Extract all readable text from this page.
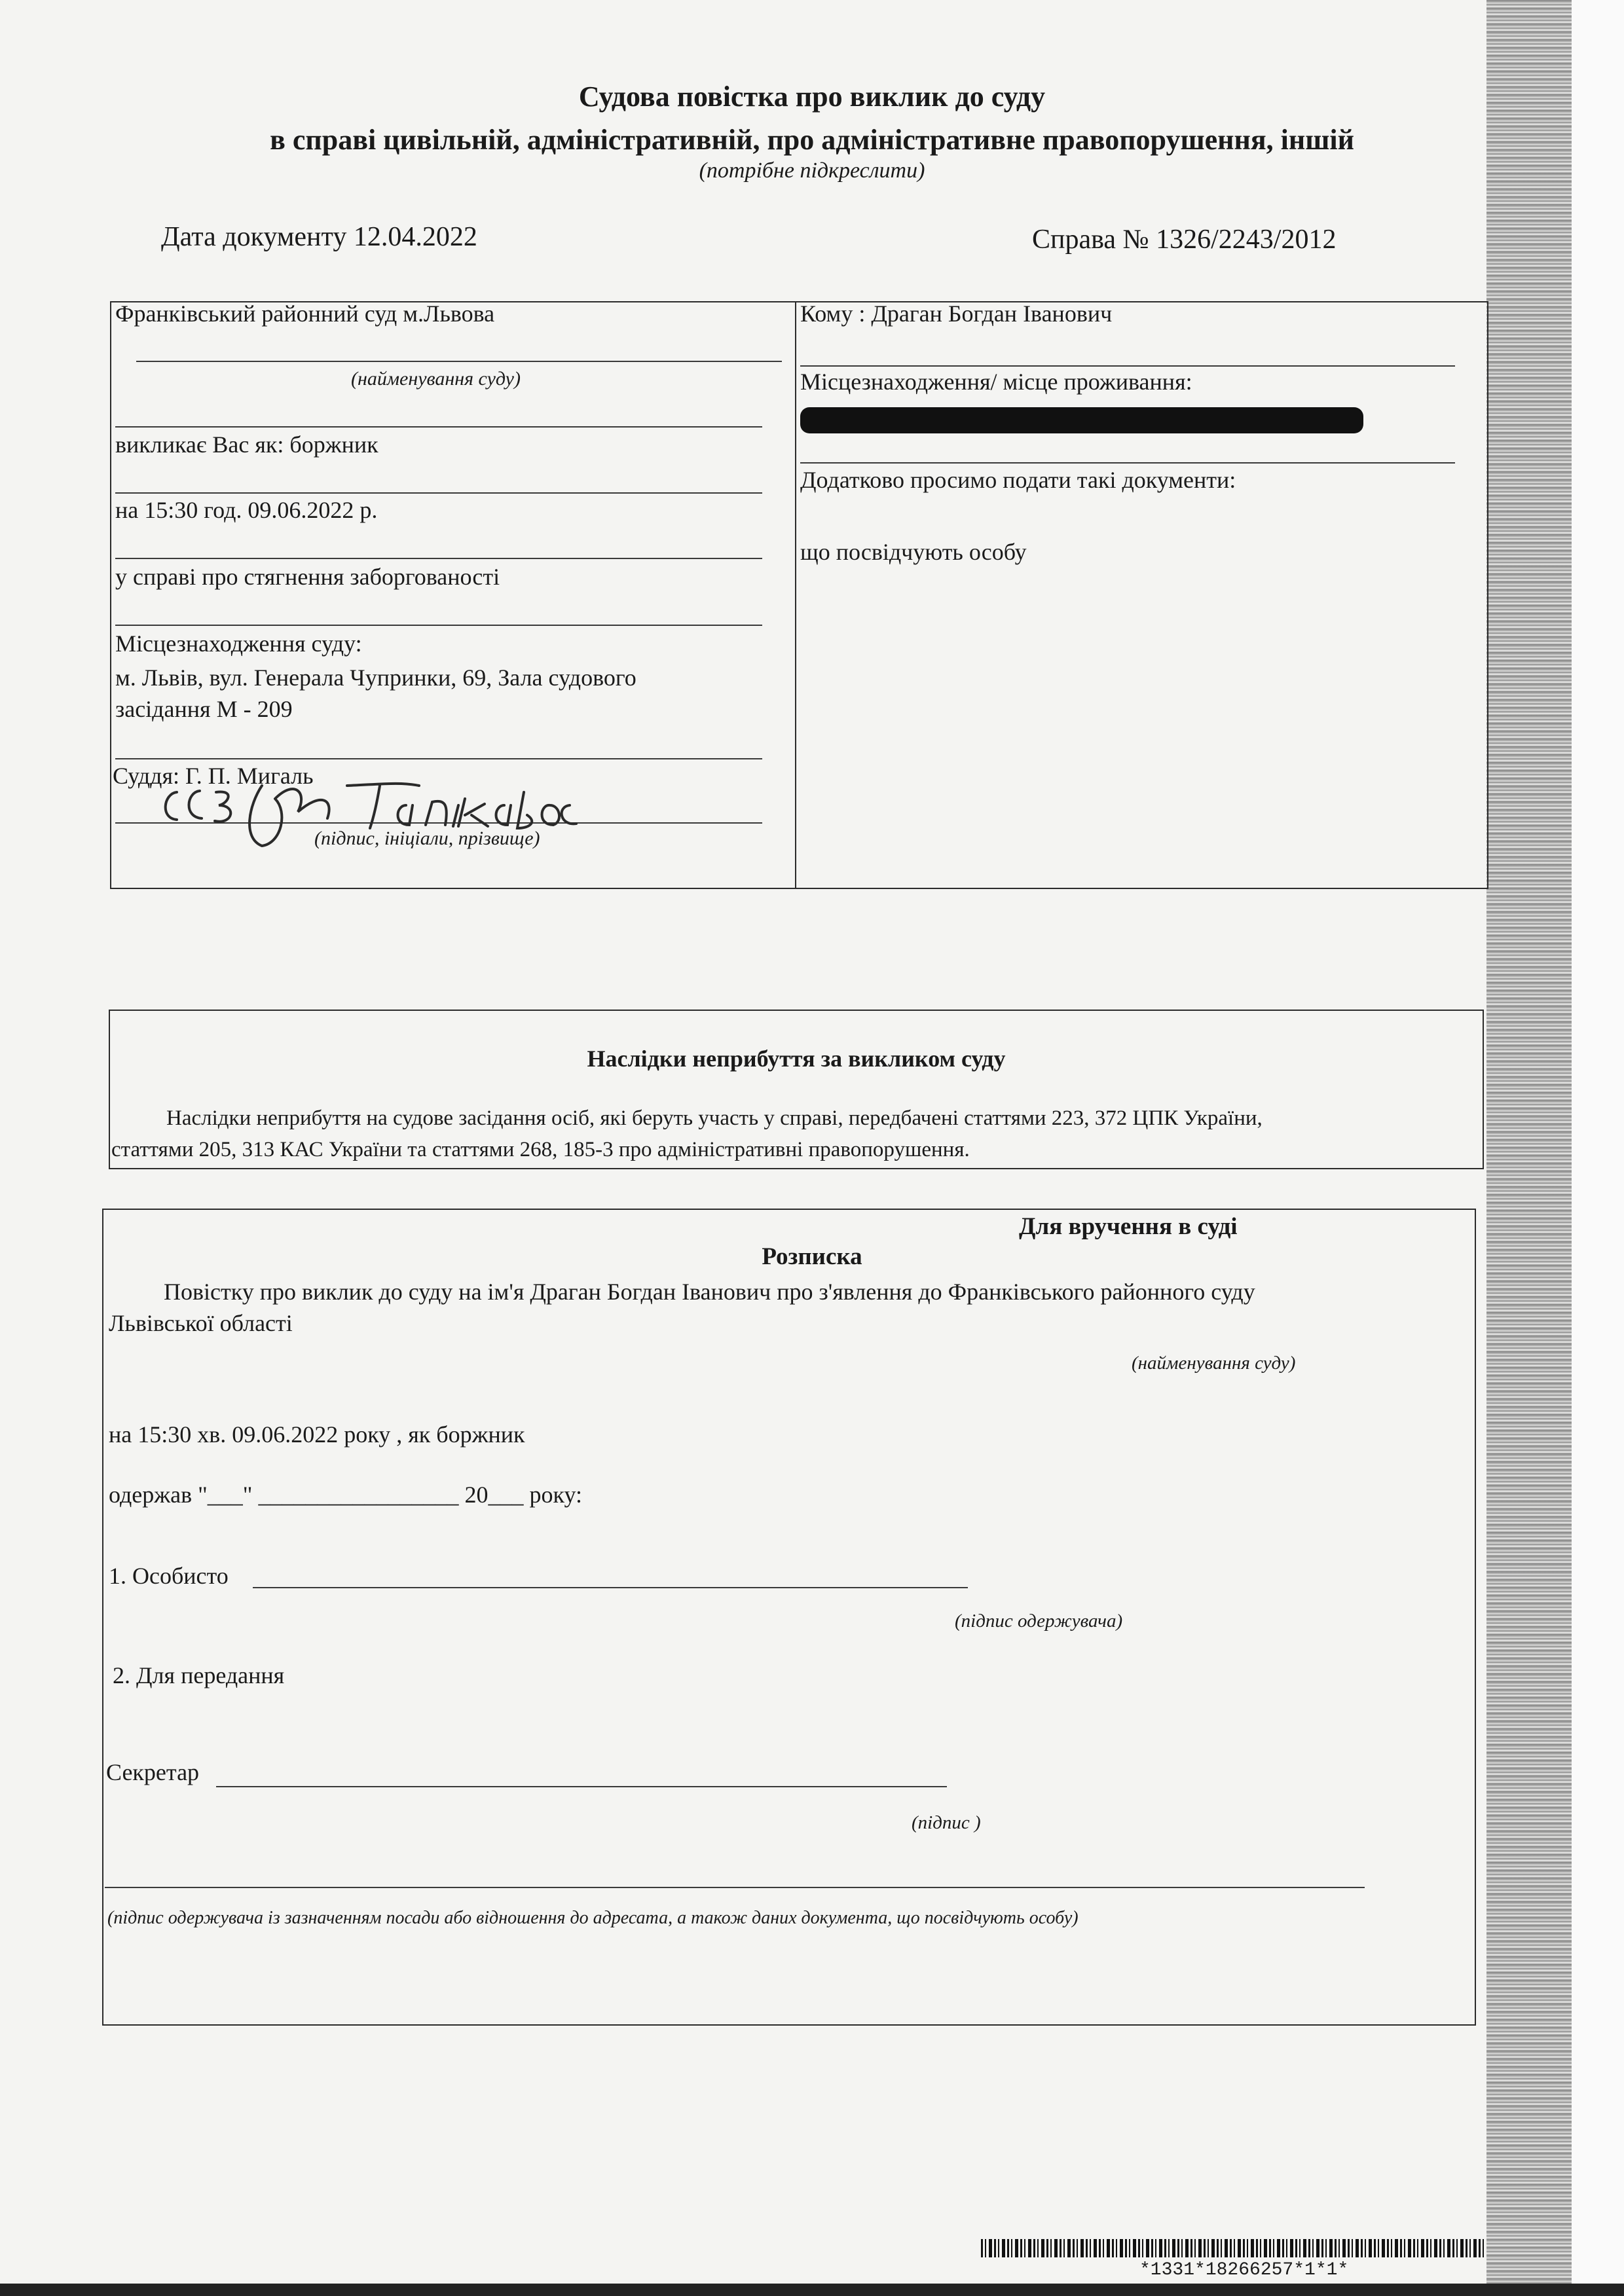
Судова повістка про виклик до суду
в справі цивільній, адміністративній, про адміністративне правопорушення, іншій
(потрібне підкреслити)
Дата документу 12.04.2022	Справа № 1326/2243/2012
Франківський районний суд м.Львова
(найменування суду)
викликає Вас як: боржник
на 15:30 год. 09.06.2022 р.
у справі про стягнення заборгованості
Місцезнаходження суду:
м. Львів, вул. Генерала Чупринки, 69, Зала судового
засідання М - 209
Суддя: Г. П. Мигаль
(підпис, ініціали, прізвище)
Кому : Драган Богдан Іванович
Місцезнаходження/ місце проживання:
Додатково просимо подати такі документи:
що посвідчують особу
Наслідки неприбуття за викликом суду
Наслідки неприбуття на судове засідання осіб, які беруть участь у справі, передбачені статтями 223, 372 ЦПК України,
статтями 205, 313 КАС України та статтями 268, 185-3 про адміністративні правопорушення.
Для вручення в суді
Розписка
Повістку про виклик до суду на ім'я Драган Богдан Іванович про з'явлення до Франківського районного суду
Львівської області
(найменування суду)
на 15:30 хв. 09.06.2022 року , як боржник
одержав "___" _________________ 20___ року:
1. Особисто
(підпис одержувача)
2. Для передання
Секретар
(підпис )
(підпис одержувача із зазначенням посади або відношення до адресата, а також даних документа, що посвідчують особу)
*1331*18266257*1*1*
